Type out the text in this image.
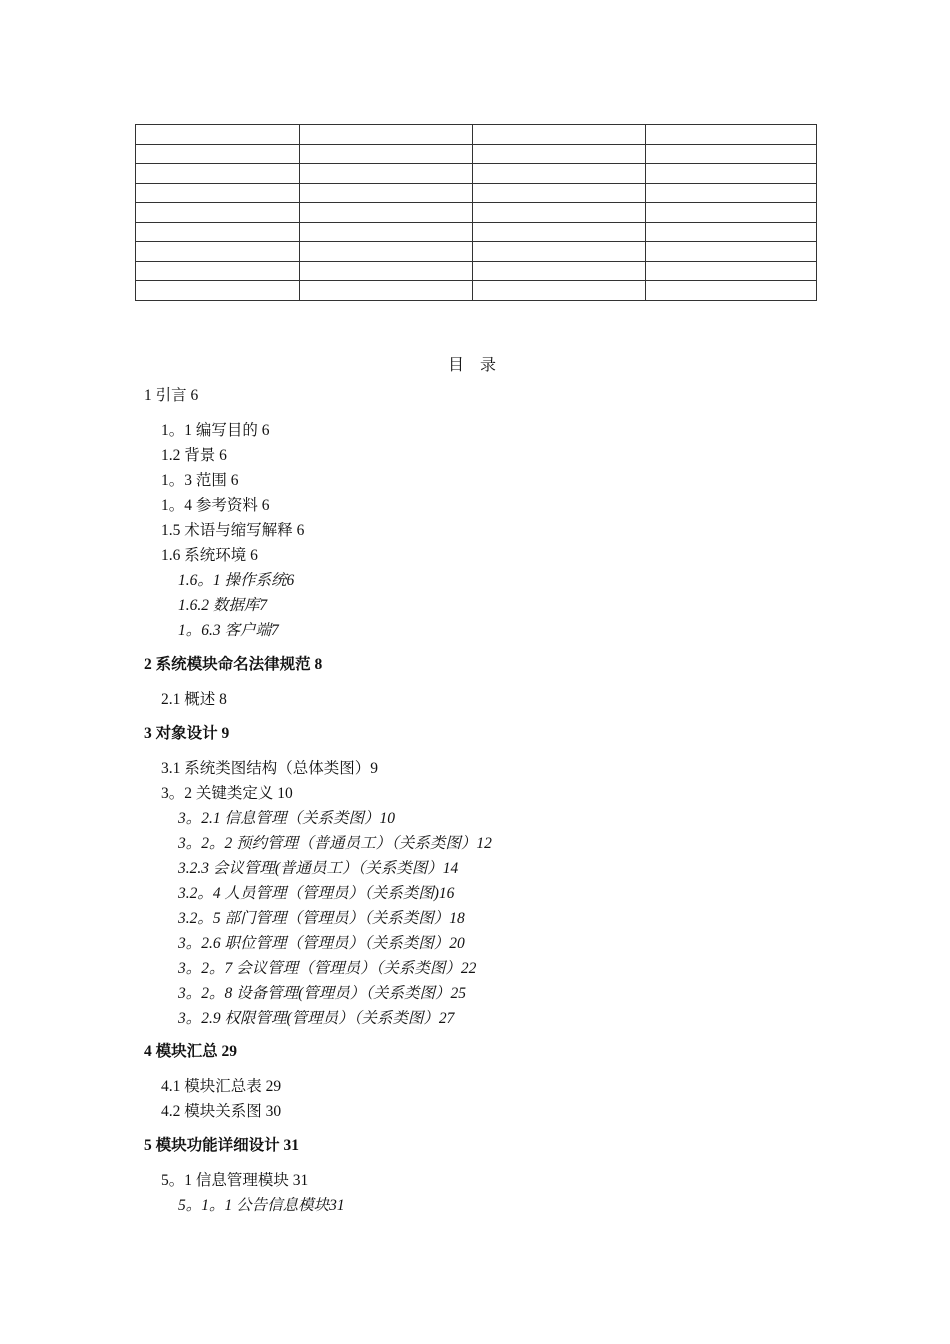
目 录
1 引言 6
1。1 编写目的 6
1.2 背景 6
1。3 范围 6
1。4 参考资料 6
1.5 术语与缩写解释 6
1.6 系统环境 6
1.6。1 操作系统6
1.6.2 数据库7
1。6.3 客户端7
2 系统模块命名法律规范 8
2.1 概述 8
3 对象设计 9
3.1 系统类图结构（总体类图）9
3。2 关键类定义 10
3。2.1 信息管理（关系类图）10
3。2。2 预约管理（普通员工）（关系类图）12
3.2.3 会议管理(普通员工）（关系类图）14
3.2。4 人员管理（管理员）（关系类图)16
3.2。5 部门管理（管理员）（关系类图）18
3。2.6 职位管理（管理员）（关系类图）20
3。2。7 会议管理（管理员）（关系类图）22
3。2。8 设备管理(管理员）（关系类图）25
3。2.9 权限管理(管理员）（关系类图）27
4 模块汇总 29
4.1 模块汇总表 29
4.2 模块关系图 30
5 模块功能详细设计 31
5。1 信息管理模块 31
5。1。1 公告信息模块31
